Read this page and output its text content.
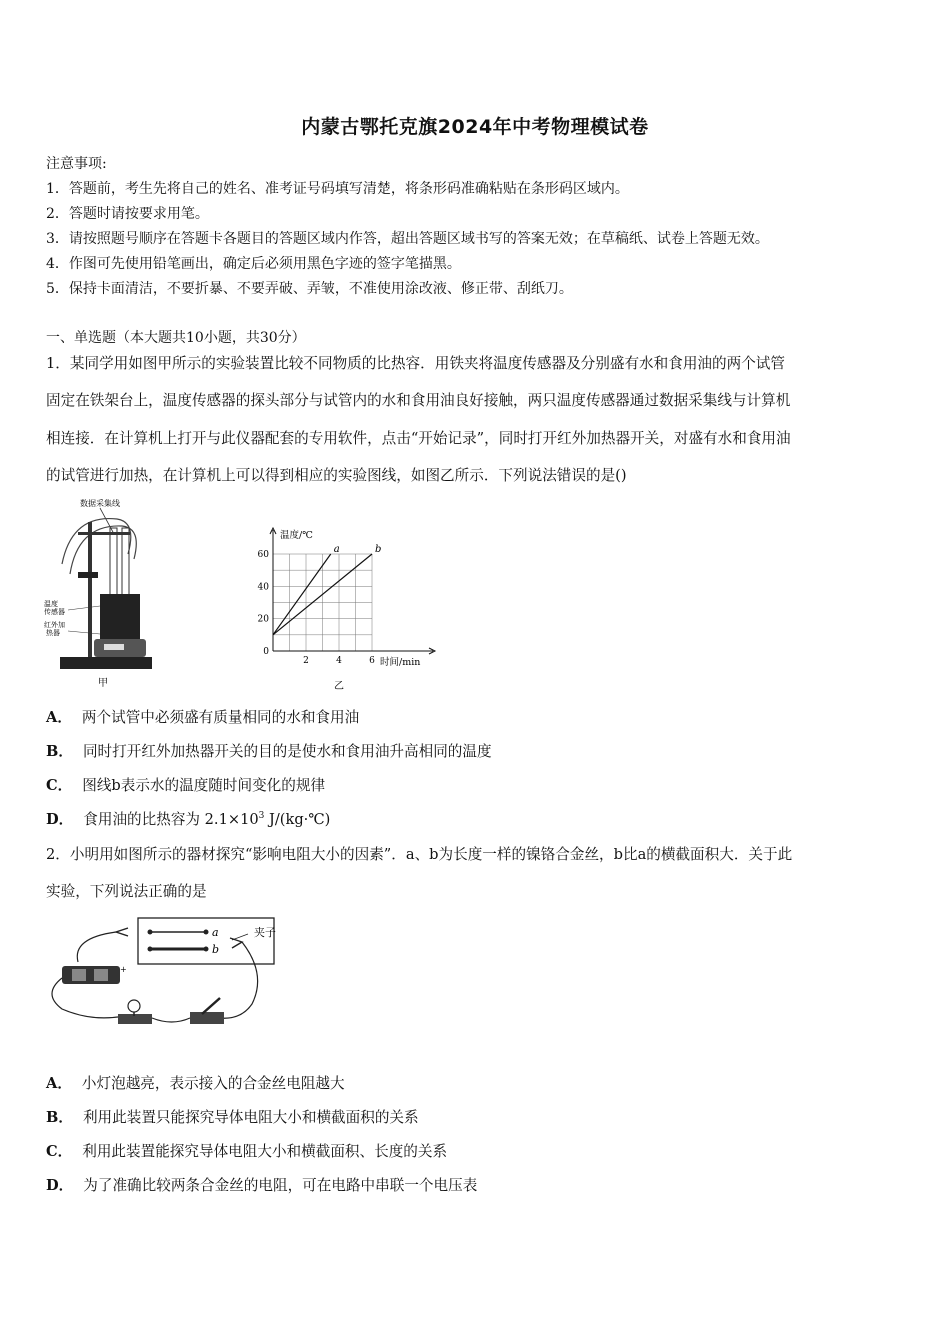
内蒙古鄂托克旗2024年中考物理模试卷
注意事项:
1．答题前，考生先将自己的姓名、准考证号码填写清楚，将条形码准确粘贴在条形码区域内。
2．答题时请按要求用笔。
3．请按照题号顺序在答题卡各题目的答题区域内作答，超出答题区域书写的答案无效；在草稿纸、试卷上答题无效。
4．作图可先使用铅笔画出，确定后必须用黑色字迹的签字笔描黑。
5．保持卡面清洁，不要折暴、不要弄破、弄皱，不准使用涂改液、修正带、刮纸刀。
一、单选题（本大题共10小题，共30分）
1．某同学用如图甲所示的实验装置比较不同物质的比热容．用铁夹将温度传感器及分别盛有水和食用油的两个试管
固定在铁架台上，温度传感器的探头部分与试管内的水和食用油良好接触，两只温度传感器通过数据采集线与计算机
相连接．在计算机上打开与此仪器配套的专用软件，点击“开始记录”，同时打开红外加热器开关，对盛有水和食用油
的试管进行加热，在计算机上可以得到相应的实验图线，如图乙所示．下列说法错误的是()
数据采集线
温度
传感器
红外加
热器
甲
0
20
40
60
2	4	6
a	b
温度/℃
时间/min
乙
A． 两个试管中必须盛有质量相同的水和食用油
B． 同时打开红外加热器开关的目的是使水和食用油升高相同的温度
C． 图线b表示水的温度随时间变化的规律
D． 食用油的比热容为 $2.1\times 10^3$ J/(kg·℃)
2．小明用如图所示的器材探究“影响电阻大小的因素”．a、b为长度一样的镍铬合金丝，b比a的横截面积大．关于此
实验，下列说法正确的是
a
b
夹子
+
A． 小灯泡越亮，表示接入的合金丝电阻越大
B． 利用此装置只能探究导体电阻大小和横截面积的关系
C． 利用此装置能探究导体电阻大小和横截面积、长度的关系
D． 为了准确比较两条合金丝的电阻，可在电路中串联一个电压表
